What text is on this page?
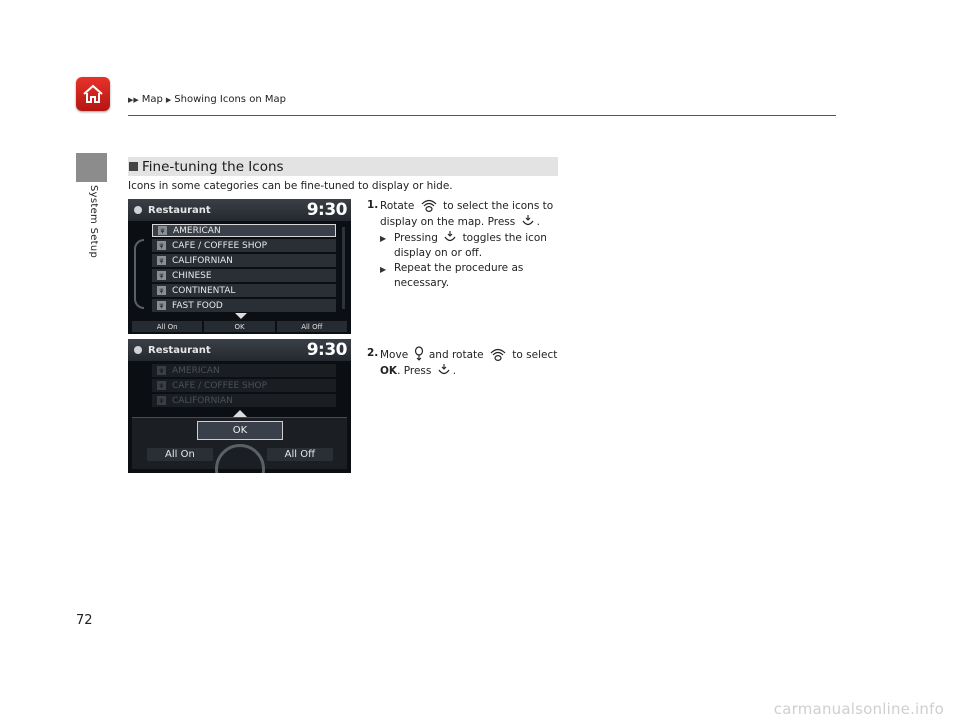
▶▶ Map ▶ Showing Icons on Map
System Setup
72
Fine-tuning the Icons
Icons in some categories can be fine-tuned to display or hide.
Restaurant	9:30
ψ AMERICAN
ψ CAFE / COFFEE SHOP
ψ CALIFORNIAN
ψ CHINESE
ψ CONTINENTAL
ψ FAST FOOD
All On	OK	All Off
Restaurant	9:30
ψ AMERICAN
ψ CAFE / COFFEE SHOP
ψ CALIFORNIAN
OK
All On	All Off
1. Rotate	to select the icons to display on the map. Press .
▶ Pressing toggles the icon display on or off.
▶ Repeat the procedure as necessary.
2. Move and rotate	to select OK. Press .
carmanualsonline.info
